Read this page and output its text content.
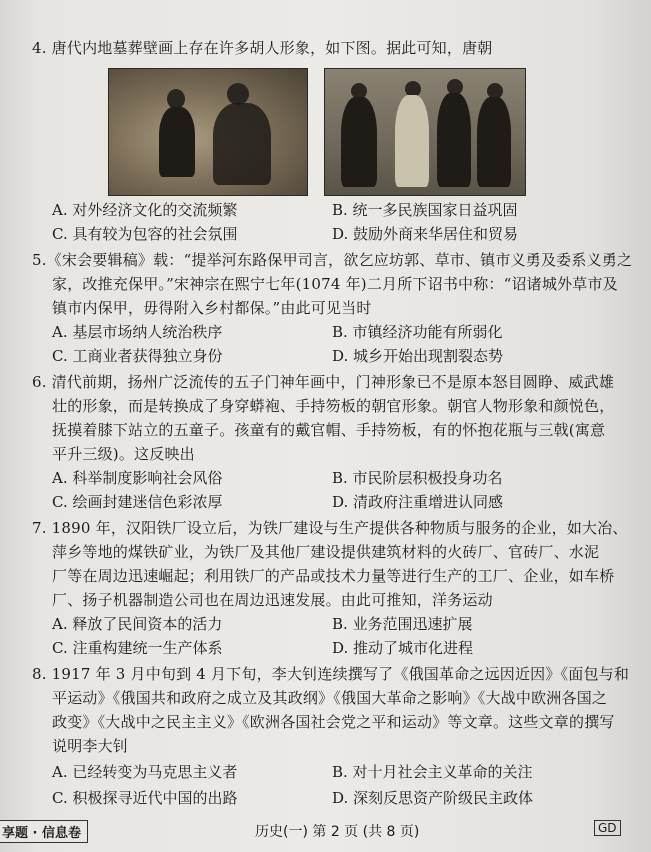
4. 唐代内地墓葬壁画上存在许多胡人形象，如下图。据此可知，唐朝
A. 对外经济文化的交流频繁	B. 统一多民族国家日益巩固
C. 具有较为包容的社会氛围	D. 鼓励外商来华居住和贸易
5.《宋会要辑稿》载：“提举河东路保甲司言，欲乞应坊郭、草市、镇市义勇及委系义勇之
家，改推充保甲。”宋神宗在熙宁七年(1074 年)二月所下诏书中称：“诏诸城外草市及
镇市内保甲，毋得附入乡村都保。”由此可见当时
A. 基层市场纳人统治秩序	B. 市镇经济功能有所弱化
C. 工商业者获得独立身份	D. 城乡开始出现割裂态势
6. 清代前期，扬州广泛流传的五子门神年画中，门神形象已不是原本怒目圆睁、威武雄
壮的形象，而是转换成了身穿蟒袍、手持笏板的朝官形象。朝官人物形象和颜悦色，
抚摸着膝下站立的五童子。孩童有的戴官帽、手持笏板，有的怀抱花瓶与三戟(寓意
平升三级)。这反映出
A. 科举制度影响社会风俗	B. 市民阶层积极投身功名
C. 绘画封建迷信色彩浓厚	D. 清政府注重增进认同感
7. 1890 年，汉阳铁厂设立后，为铁厂建设与生产提供各种物质与服务的企业，如大冶、
萍乡等地的煤铁矿业，为铁厂及其他厂建设提供建筑材料的火砖厂、官砖厂、水泥
厂等在周边迅速崛起；利用铁厂的产品或技术力量等进行生产的工厂、企业，如车桥
厂、扬子机器制造公司也在周边迅速发展。由此可推知，洋务运动
A. 释放了民间资本的活力	B. 业务范围迅速扩展
C. 注重构建统一生产体系	D. 推动了城市化进程
8. 1917 年 3 月中旬到 4 月下旬，李大钊连续撰写了《俄国革命之远因近因》《面包与和
平运动》《俄国共和政府之成立及其政纲》《俄国大革命之影响》《大战中欧洲各国之
政变》《大战中之民主主义》《欧洲各国社会党之平和运动》等文章。这些文章的撰写
说明李大钊
A. 已经转变为马克思主义者	B. 对十月社会主义革命的关注
C. 积极探寻近代中国的出路	D. 深刻反思资产阶级民主政体
享题 · 信息卷	历史(一) 第 2 页 (共 8 页)	GD
